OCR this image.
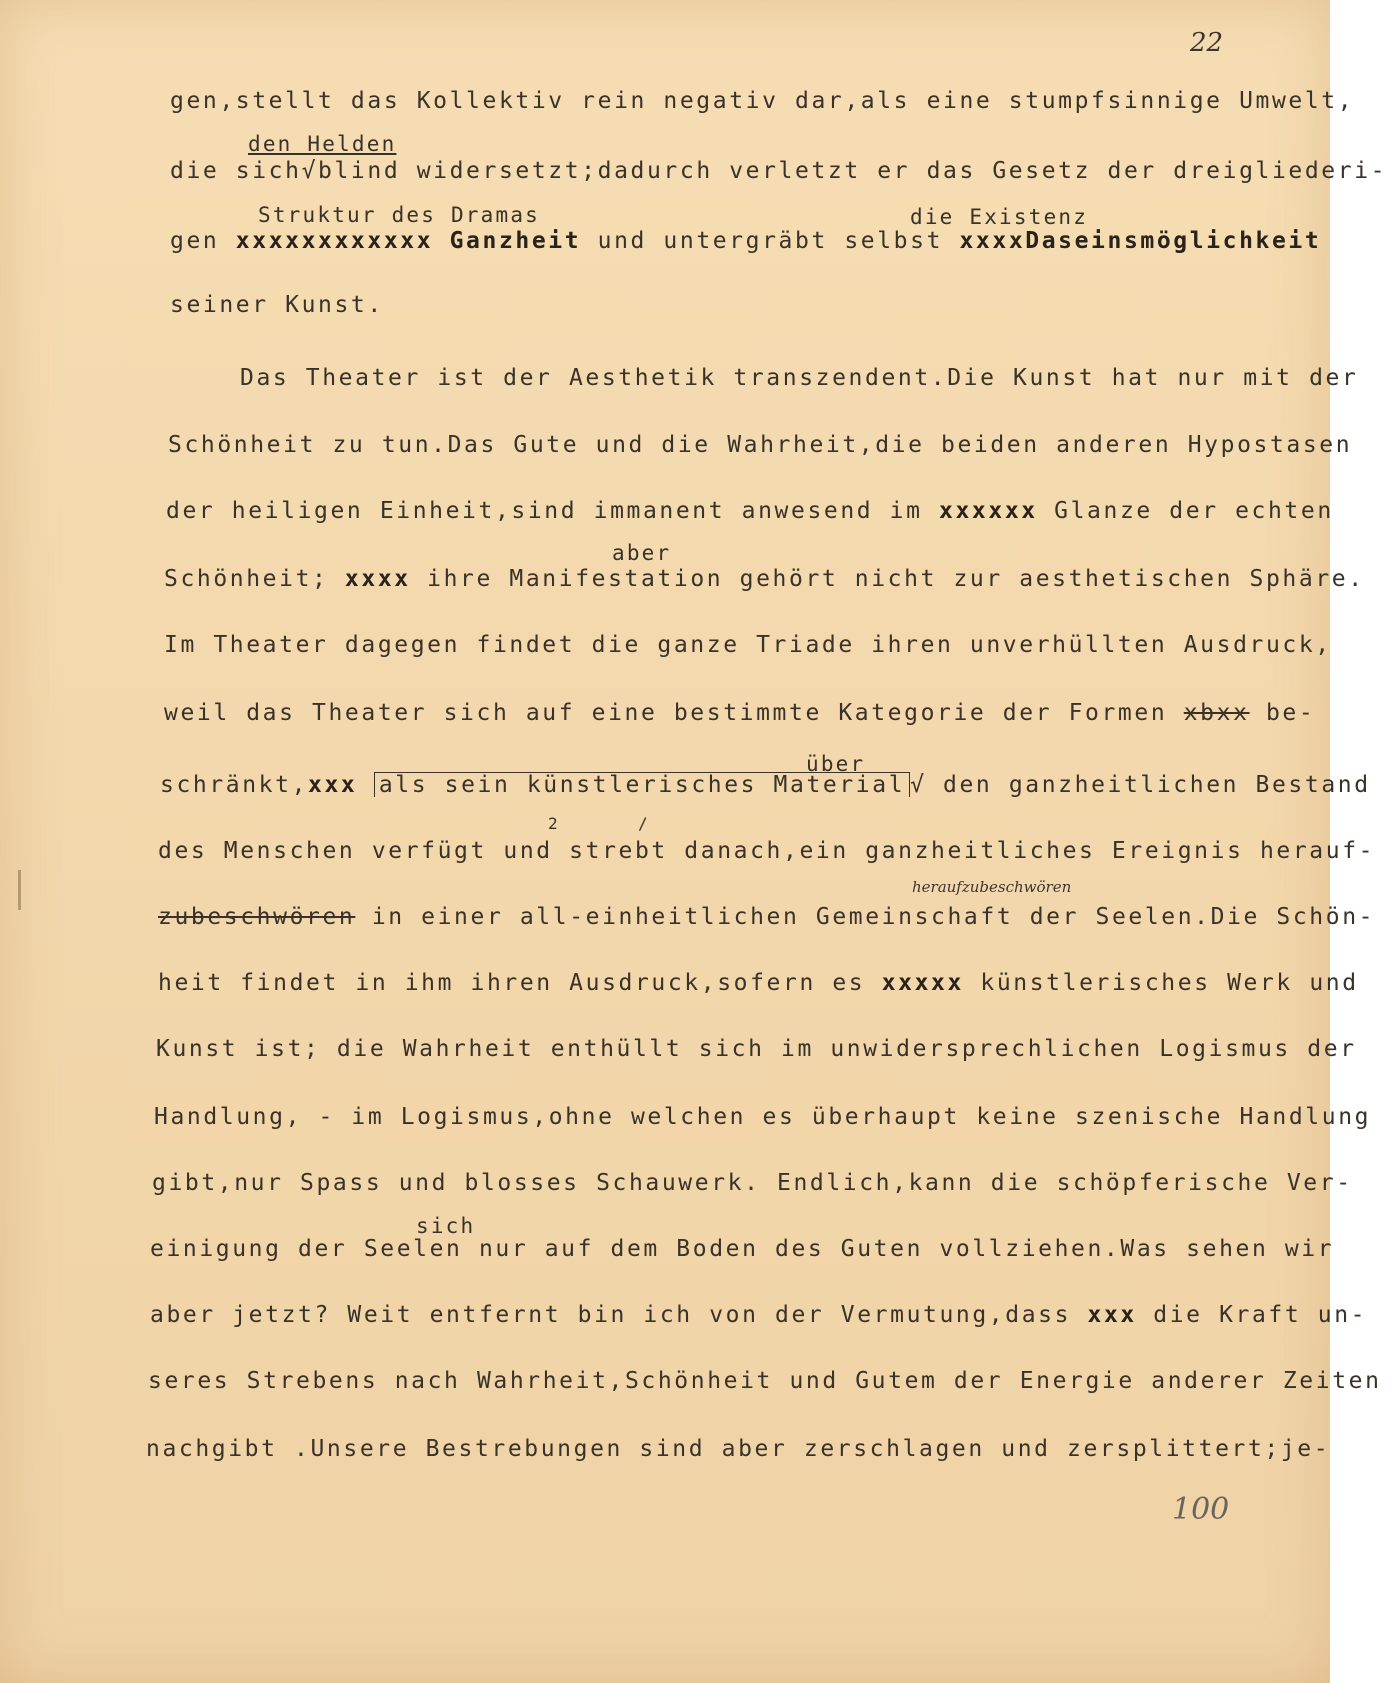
22
gen,stellt das Kollektiv rein negativ dar,als eine stumpfsinnige Umwelt,
den Helden
die sich√blind widersetzt;dadurch verletzt er das Gesetz der dreigliederi-
Struktur des Dramas	die Existenz
gen xxxxxxxxxxxx Ganzheit und untergräbt selbst xxxxDaseinsmöglichkeit
seiner Kunst.
Das Theater ist der Aesthetik transzendent.Die Kunst hat nur mit der
Schönheit zu tun.Das Gute und die Wahrheit,die beiden anderen Hypostasen
der heiligen Einheit,sind immanent anwesend im xxxxxx Glanze der echten
aber
Schönheit; xxxx ihre Manifestation gehört nicht zur aesthetischen Sphäre.
Im Theater dagegen findet die ganze Triade ihren unverhüllten Ausdruck,
weil das Theater sich auf eine bestimmte Kategorie der Formen xbxx be-
über
schränkt,xxx als sein künstlerisches Material √ den ganzheitlichen Bestand
2	/
des Menschen verfügt und strebt danach,ein ganzheitliches Ereignis herauf-
heraufzubeschwören
zubeschwören in einer all-einheitlichen Gemeinschaft der Seelen.Die Schön-
heit findet in ihm ihren Ausdruck,sofern es xxxxx künstlerisches Werk und
Kunst ist; die Wahrheit enthüllt sich im unwidersprechlichen Logismus der
Handlung, - im Logismus,ohne welchen es überhaupt keine szenische Handlung
gibt,nur Spass und blosses Schauwerk. Endlich,kann die schöpferische Ver-
sich
einigung der Seelen nur auf dem Boden des Guten vollziehen.Was sehen wir
aber jetzt? Weit entfernt bin ich von der Vermutung,dass xxx die Kraft un-
seres Strebens nach Wahrheit,Schönheit und Gutem der Energie anderer Zeiten
nachgibt .Unsere Bestrebungen sind aber zerschlagen und zersplittert;je-
100
